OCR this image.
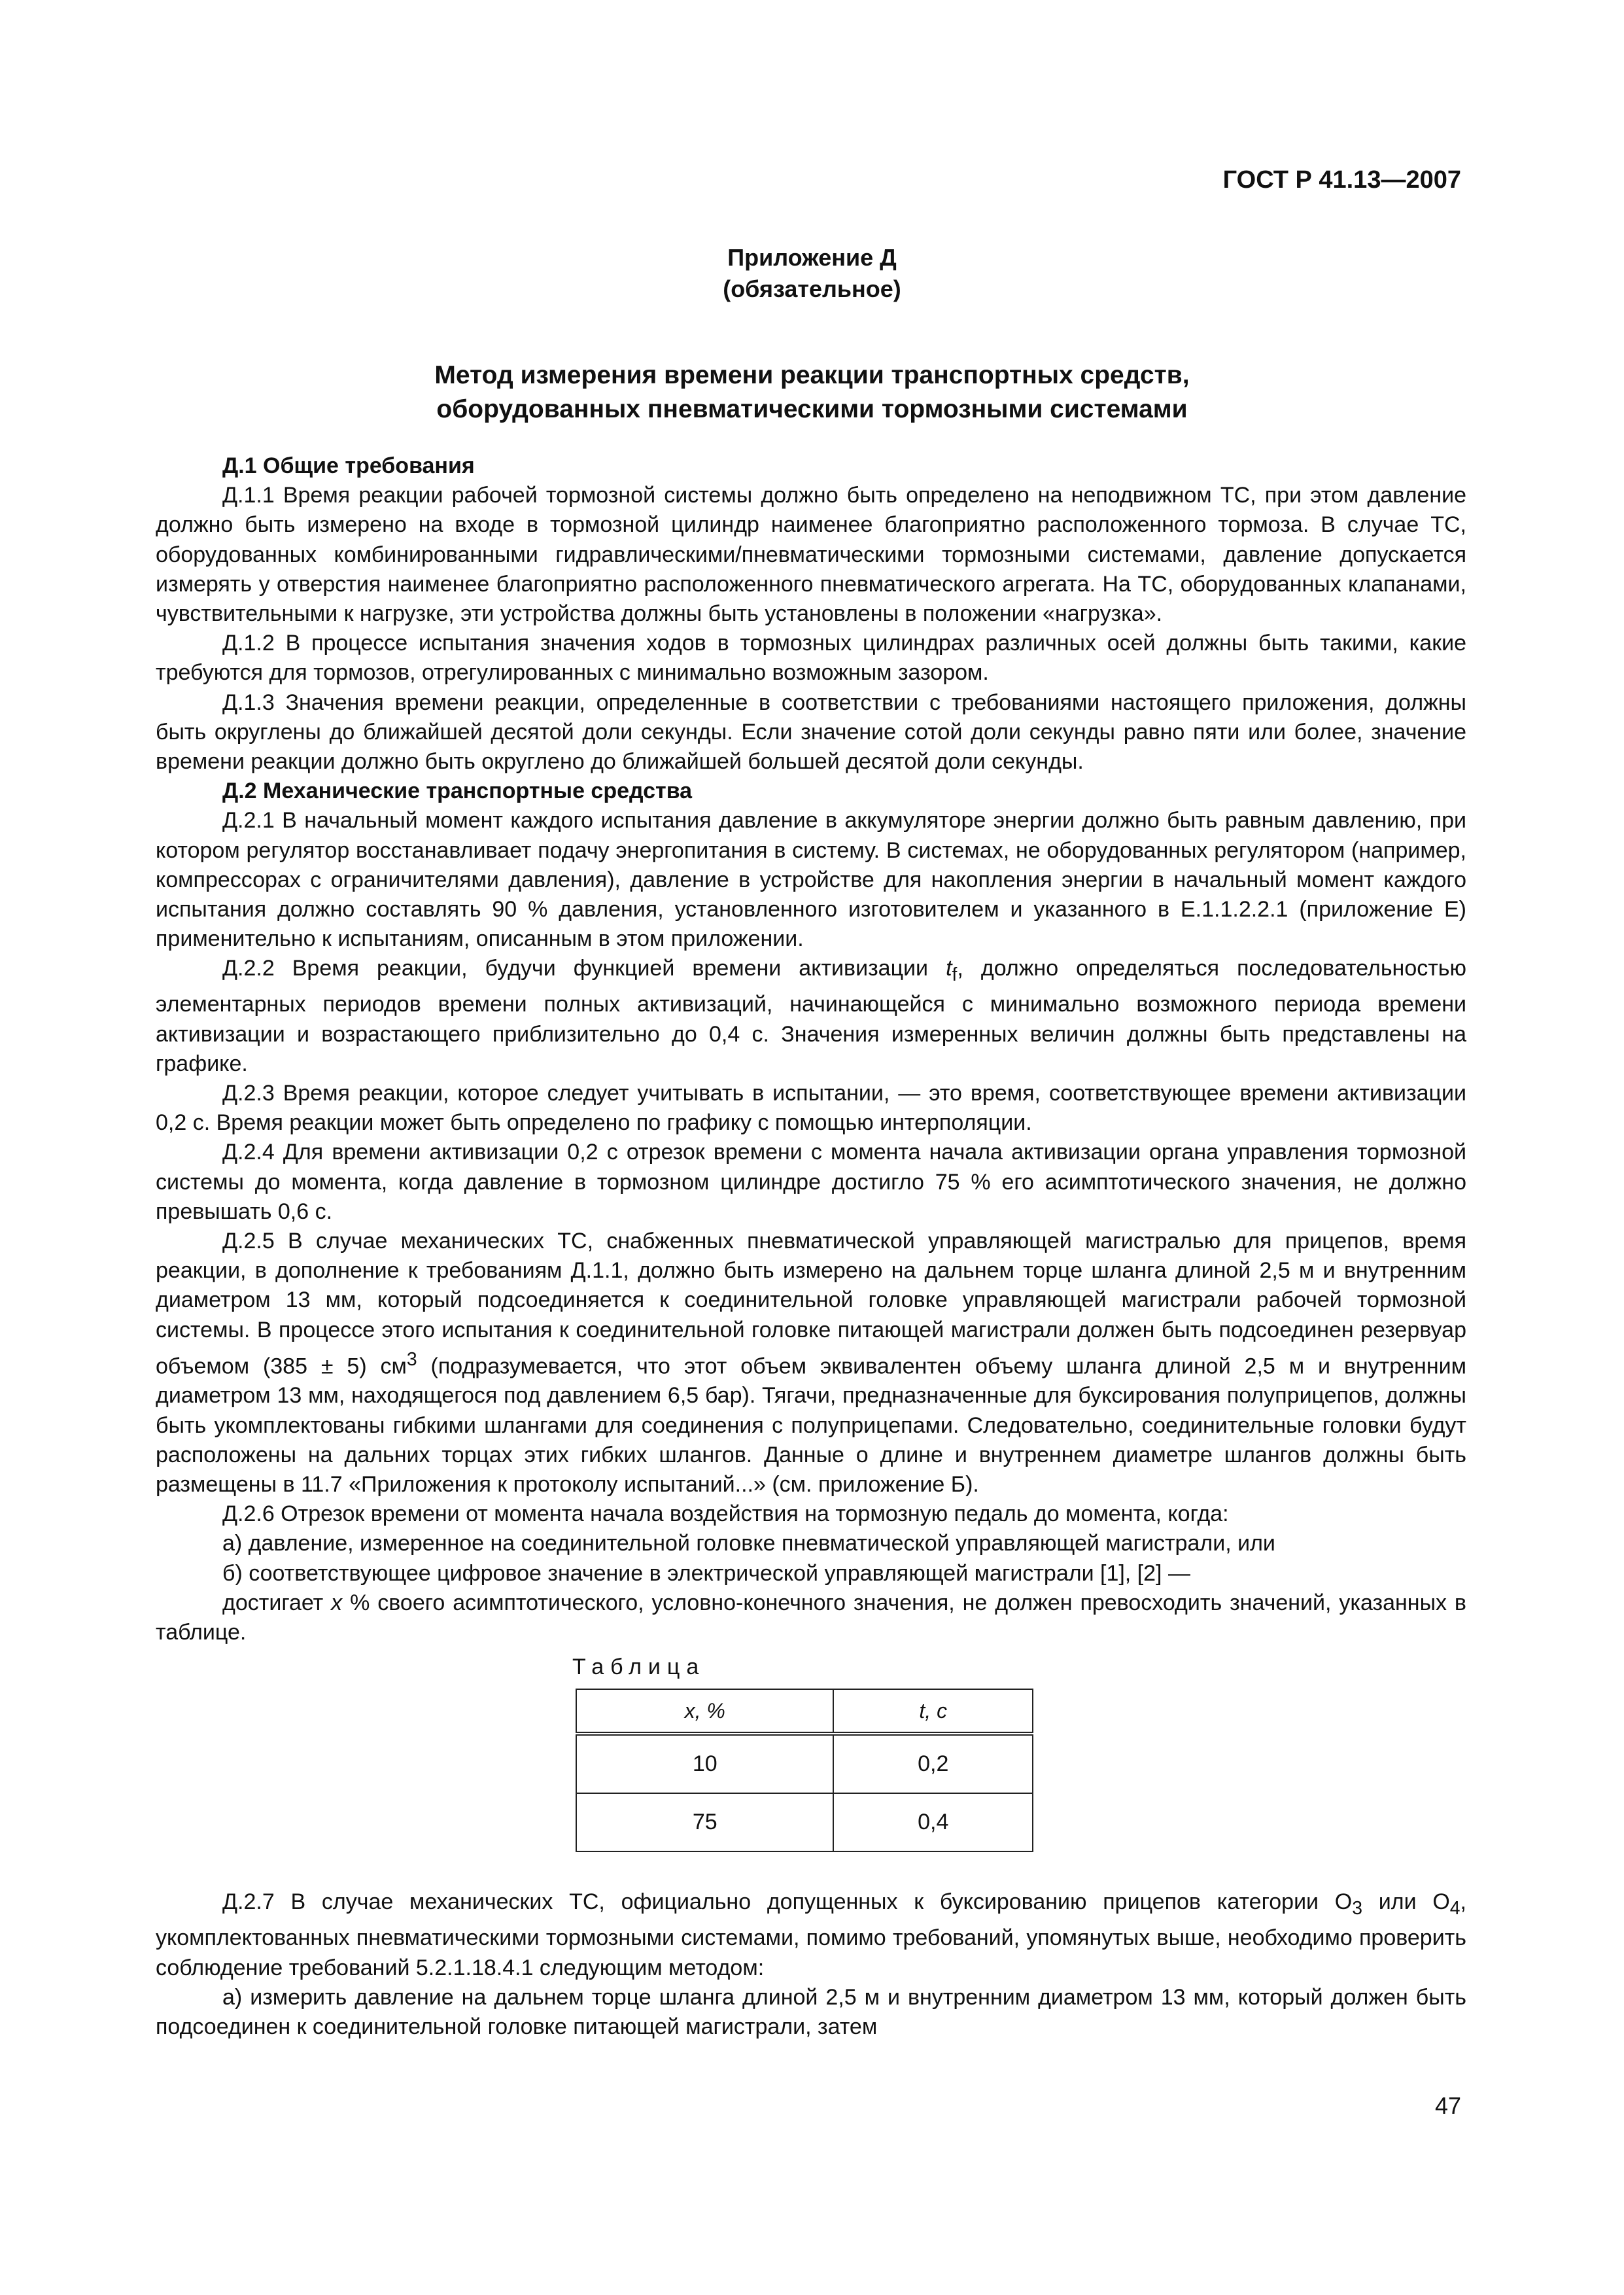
ГОСТ Р 41.13—2007
Приложение Д
(обязательное)
Метод измерения времени реакции транспортных средств,
оборудованных пневматическими тормозными системами

Д.1 Общие требования

Д.1.1 Время реакции рабочей тормозной системы должно быть определено на неподвижном ТС, при этом давление должно быть измерено на входе в тормозной цилиндр наименее благоприятно расположенного тормоза. В случае ТС, оборудованных комбинированными гидравлическими/пневматическими тормозными системами, давление допускается измерять у отверстия наименее благоприятно расположенного пневматического агрегата. На ТС, оборудованных клапанами, чувствительными к нагрузке, эти устройства должны быть установлены в положении «нагрузка».

Д.1.2 В процессе испытания значения ходов в тормозных цилиндрах различных осей должны быть такими, какие требуются для тормозов, отрегулированных с минимально возможным зазором.

Д.1.3 Значения времени реакции, определенные в соответствии с требованиями настоящего приложения, должны быть округлены до ближайшей десятой доли секунды. Если значение сотой доли секунды равно пяти или более, значение времени реакции должно быть округлено до ближайшей большей десятой доли секунды.

Д.2 Механические транспортные средства

Д.2.1 В начальный момент каждого испытания давление в аккумуляторе энергии должно быть равным давлению, при котором регулятор восстанавливает подачу энергопитания в систему. В системах, не оборудованных регулятором (например, компрессорах с ограничителями давления), давление в устройстве для накопления энергии в начальный момент каждого испытания должно составлять 90 % давления, установленного изготовителем и указанного в Е.1.1.2.2.1 (приложение Е) применительно к испытаниям, описанным в этом приложении.

Д.2.2 Время реакции, будучи функцией времени активизации $t_f$, должно определяться последовательностью элементарных периодов времени полных активизаций, начинающейся с минимально возможного периода времени активизации и возрастающего приблизительно до 0,4 с. Значения измеренных величин должны быть представлены на графике.

Д.2.3 Время реакции, которое следует учитывать в испытании, — это время, соответствующее времени активизации 0,2 с. Время реакции может быть определено по графику с помощью интерполяции.

Д.2.4 Для времени активизации 0,2 с отрезок времени с момента начала активизации органа управления тормозной системы до момента, когда давление в тормозном цилиндре достигло 75 % его асимптотического значения, не должно превышать 0,6 с.

Д.2.5 В случае механических ТС, снабженных пневматической управляющей магистралью для прицепов, время реакции, в дополнение к требованиям Д.1.1, должно быть измерено на дальнем торце шланга длиной 2,5 м и внутренним диаметром 13 мм, который подсоединяется к соединительной головке управляющей магистрали рабочей тормозной системы. В процессе этого испытания к соединительной головке питающей магистрали должен быть подсоединен резервуар объемом (385 ± 5) $см^3$ (подразумевается, что этот объем эквивалентен объему шланга длиной 2,5 м и внутренним диаметром 13 мм, находящегося под давлением 6,5 бар). Тягачи, предназначенные для буксирования полуприцепов, должны быть укомплектованы гибкими шлангами для соединения с полуприцепами. Следовательно, соединительные головки будут расположены на дальних торцах этих гибких шлангов. Данные о длине и внутреннем диаметре шлангов должны быть размещены в 11.7 «Приложения к протоколу испытаний...» (см. приложение Б).

Д.2.6 Отрезок времени от момента начала воздействия на тормозную педаль до момента, когда:

а) давление, измеренное на соединительной головке пневматической управляющей магистрали, или

б) соответствующее цифровое значение в электрической управляющей магистрали [1], [2] —

достигает x % своего асимптотического, условно-конечного значения, не должен превосходить значений, указанных в таблице.

Таблица
x, %	t, c
10	0,2
75	0,4

Д.2.7 В случае механических ТС, официально допущенных к буксированию прицепов категории $O_3$ или $O_4$, укомплектованных пневматическими тормозными системами, помимо требований, упомянутых выше, необходимо проверить соблюдение требований 5.2.1.18.4.1 следующим методом:

а) измерить давление на дальнем торце шланга длиной 2,5 м и внутренним диаметром 13 мм, который должен быть подсоединен к соединительной головке питающей магистрали, затем

47
